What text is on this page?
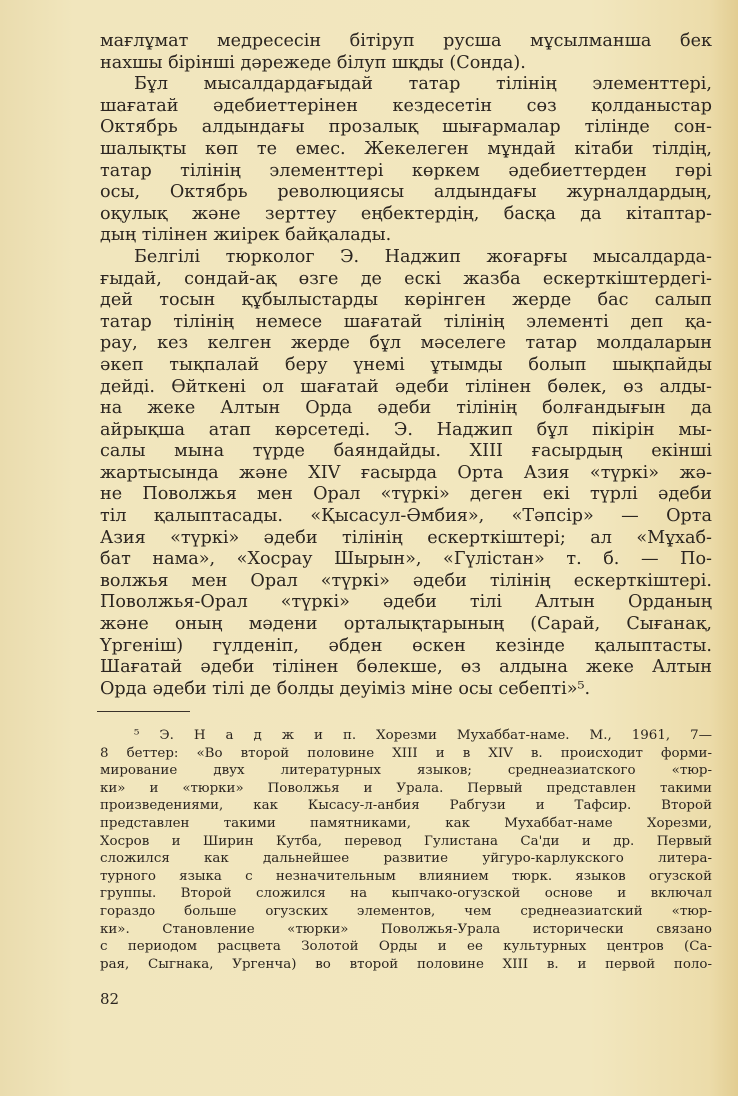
мағлұмат медресесін бітіруп русша мұсылманша бек
нахшы бірінші дәрежеде білуп шқды (Сонда).
Бұл мысалдардағыдай татар тілінің элементтері,
шағатай әдебиеттерінен кездесетін сөз қолданыстар
Октябрь алдындағы прозалық шығармалар тілінде сон-
шалықты көп те емес. Жекелеген мұндай кітаби тілдің,
татар тілінің элементтері көркем әдебиеттерден гөрі
осы, Октябрь революциясы алдындағы журналдардың,
оқулық және зерттеу еңбектердің, басқа да кітаптар-
дың тілінен жиірек байқалады.
Белгілі тюрколог Э. Наджип жоғарғы мысалдарда-
ғыдай, сондай-ақ өзге де ескі жазба ескерткіштердегі-
дей тосын құбылыстарды көрінген жерде бас салып
татар тілінің немесе шағатай тілінің элементі деп қа-
рау, кез келген жерде бұл мәселеге татар молдаларын
әкеп тықпалай беру үнемі ұтымды болып шықпайды
дейді. Өйткені ол шағатай әдеби тілінен бөлек, өз алды-
на жеке Алтын Орда әдеби тілінің болғандығын да
айрықша атап көрсетеді. Э. Наджип бұл пікірін мы-
салы мына түрде баяндайды. XIII ғасырдың екінші
жартысында және XIV ғасырда Орта Азия «түркі» жә-
не Поволжья мен Орал «түркі» деген екі түрлі әдеби
тіл қалыптасады. «Қысасул-Әмбия», «Тәпсір» — Орта
Азия «түркі» әдеби тілінің ескерткіштері; ал «Мұхаб-
бат нама», «Хосрау Шырын», «Гүлістан» т. б. — По-
волжья мен Орал «түркі» әдеби тілінің ескерткіштері.
Поволжья-Орал «түркі» әдеби тілі Алтын Орданың
және оның мәдени орталықтарының (Сарай, Сығанақ,
Үргеніш) гүлденіп, әбден өскен кезінде қалыптасты.
Шағатай әдеби тілінен бөлекше, өз алдына жеке Алтын
Орда әдеби тілі де болды деуіміз міне осы себепті»⁵.
⁵ Э. Н а д ж и п. Хорезми Мухаббат-наме. М., 1961, 7—
8 беттер: «Во второй половине XIII и в XIV в. происходит форми-
мирование двух литературных языков; среднеазиатского «тюр-
ки» и «тюрки» Поволжья и Урала. Первый представлен такими
произведениями, как Кысасу-л-анбия Рабгузи и Тафсир. Второй
представлен такими памятниками, как Мухаббат-наме Хорезми,
Хосров и Ширин Кутба, перевод Гулистана Са'ди и др. Первый
сложился как дальнейшее развитие уйгуро-карлукского литера-
турного языка с незначительным влиянием тюрк. языков огузской
группы. Второй сложился на кыпчако-огузской основе и включал
гораздо больше огузских элементов, чем среднеазиатский «тюр-
ки». Становление «тюрки» Поволжья-Урала исторически связано
с периодом расцвета Золотой Орды и ее культурных центров (Са-
рая, Сыгнака, Ургенча) во второй половине XIII в. и первой поло-
82
